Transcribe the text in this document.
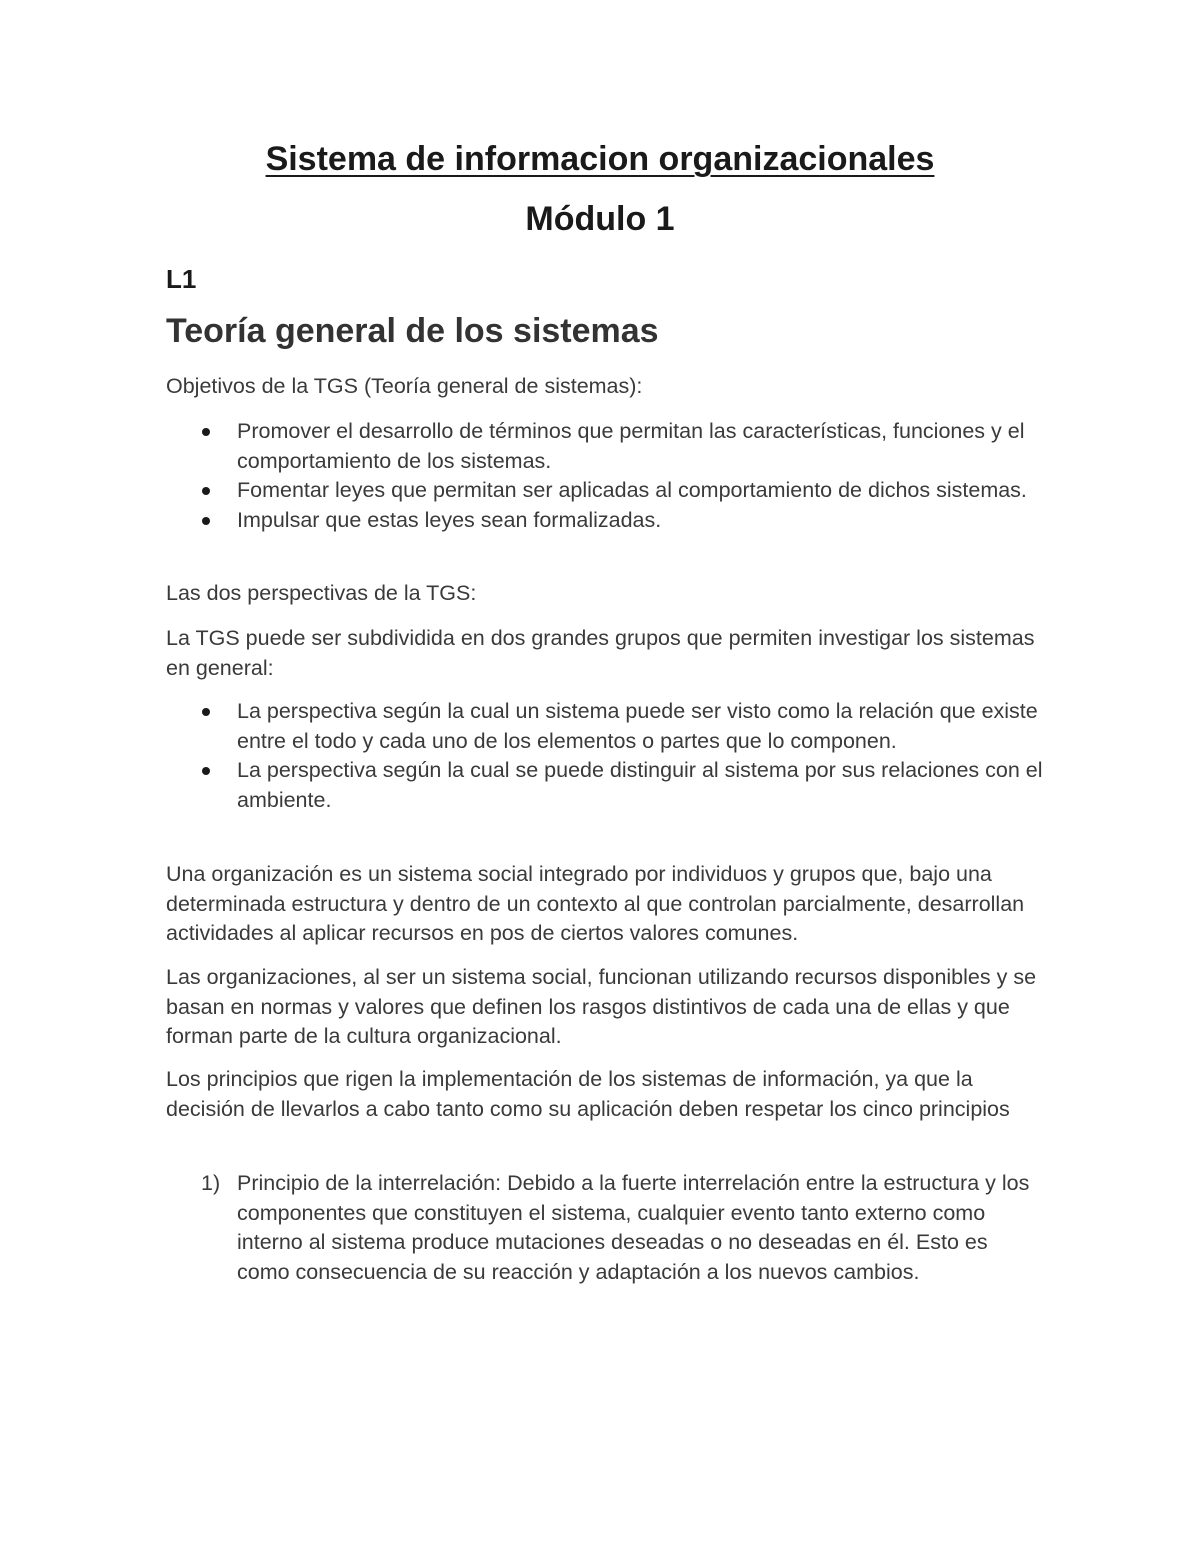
Sistema de informacion organizacionales
Módulo 1
L1
Teoría general de los sistemas

Objetivos de la TGS (Teoría general de sistemas):

Promover el desarrollo de términos que permitan las características, funciones y el comportamiento de los sistemas.
Fomentar leyes que permitan ser aplicadas al comportamiento de dichos sistemas.
Impulsar que estas leyes sean formalizadas.

Las dos perspectivas de la TGS:

La TGS puede ser subdividida en dos grandes grupos que permiten investigar los sistemas en general:

La perspectiva según la cual un sistema puede ser visto como la relación que existe entre el todo y cada uno de los elementos o partes que lo componen.
La perspectiva según la cual se puede distinguir al sistema por sus relaciones con el ambiente.

Una organización es un sistema social integrado por individuos y grupos que, bajo una determinada estructura y dentro de un contexto al que controlan parcialmente, desarrollan actividades al aplicar recursos en pos de ciertos valores comunes.

Las organizaciones, al ser un sistema social, funcionan utilizando recursos disponibles y se basan en normas y valores que definen los rasgos distintivos de cada una de ellas y que forman parte de la cultura organizacional.

Los principios que rigen la implementación de los sistemas de información, ya que la decisión de llevarlos a cabo tanto como su aplicación deben respetar los cinco principios

1) Principio de la interrelación: Debido a la fuerte interrelación entre la estructura y los componentes que constituyen el sistema, cualquier evento tanto externo como interno al sistema produce mutaciones deseadas o no deseadas en él. Esto es como consecuencia de su reacción y adaptación a los nuevos cambios.
